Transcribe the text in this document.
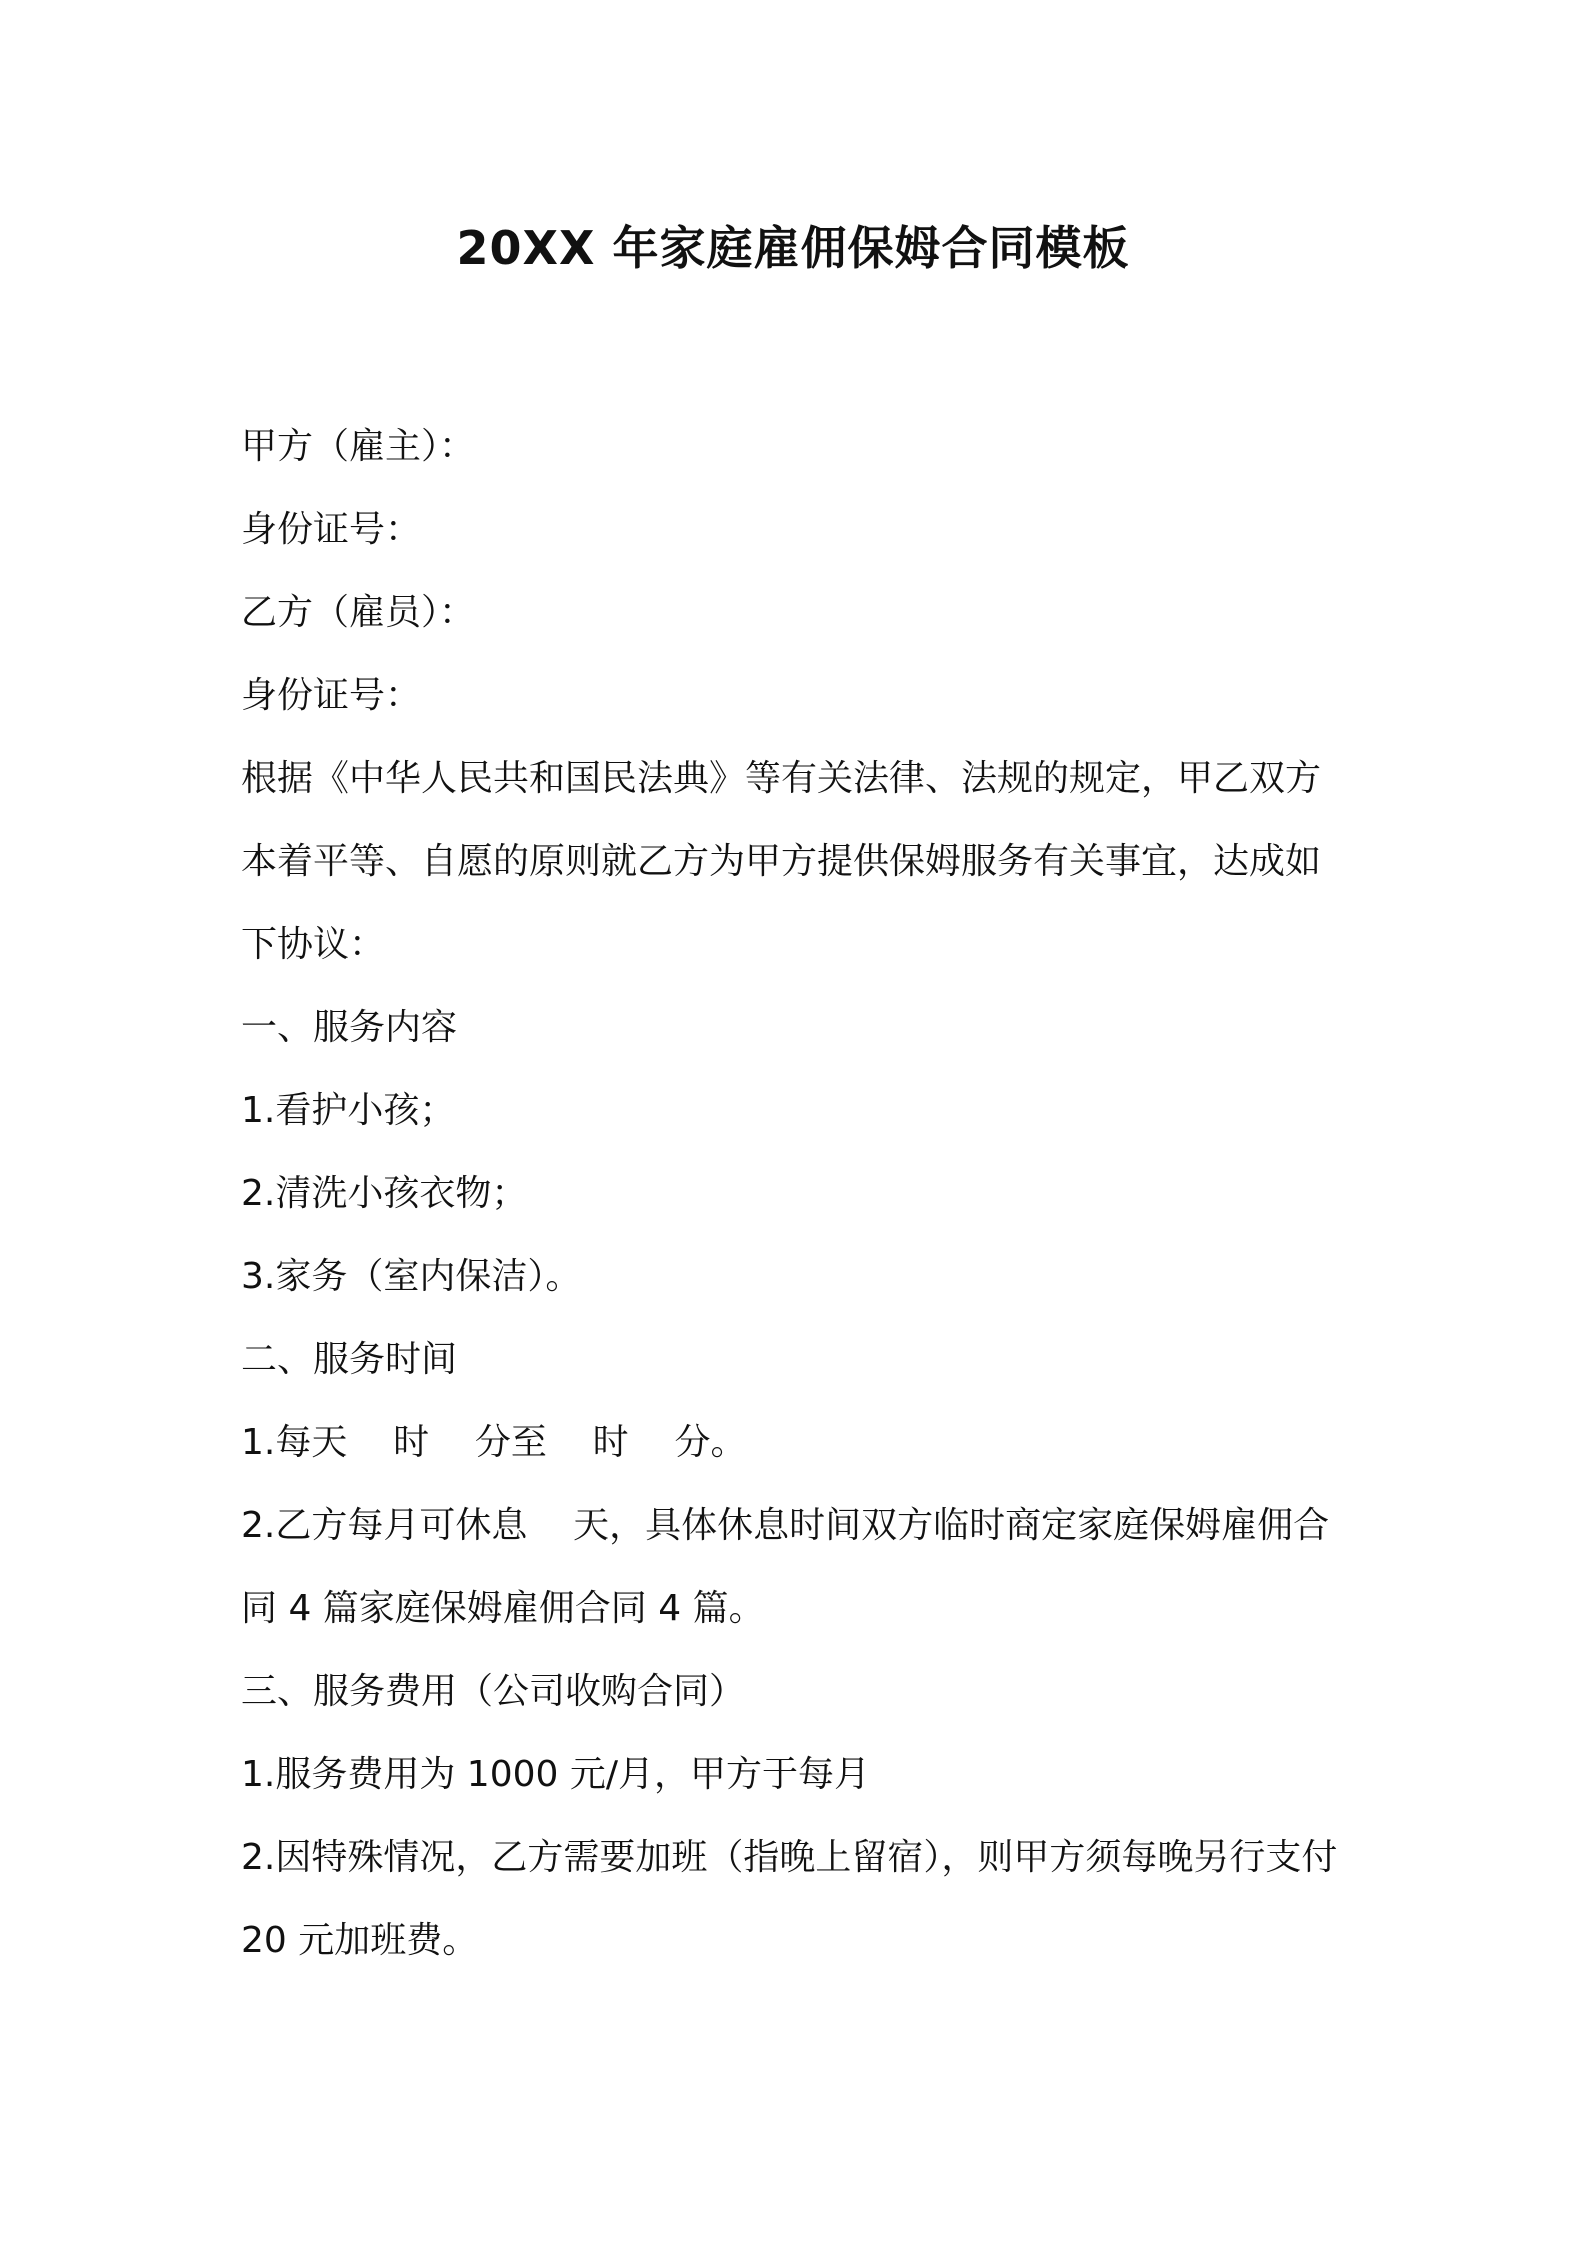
20XX 年家庭雇佣保姆合同模板

甲方（雇主）：

身份证号：

乙方（雇员）：

身份证号：

根据《中华人民共和国民法典》等有关法律、法规的规定，甲乙双方本着平等、自愿的原则就乙方为甲方提供保姆服务有关事宜，达成如下协议：

一、服务内容

1.看护小孩；

2.清洗小孩衣物；

3.家务（室内保洁）。

二、服务时间

1.每天    时    分至    时    分。

2.乙方每月可休息    天，具体休息时间双方临时商定家庭保姆雇佣合同 4 篇家庭保姆雇佣合同 4 篇。

三、服务费用（公司收购合同）

1.服务费用为 1000 元/月，甲方于每月

2.因特殊情况，乙方需要加班（指晚上留宿），则甲方须每晚另行支付 20 元加班费。
